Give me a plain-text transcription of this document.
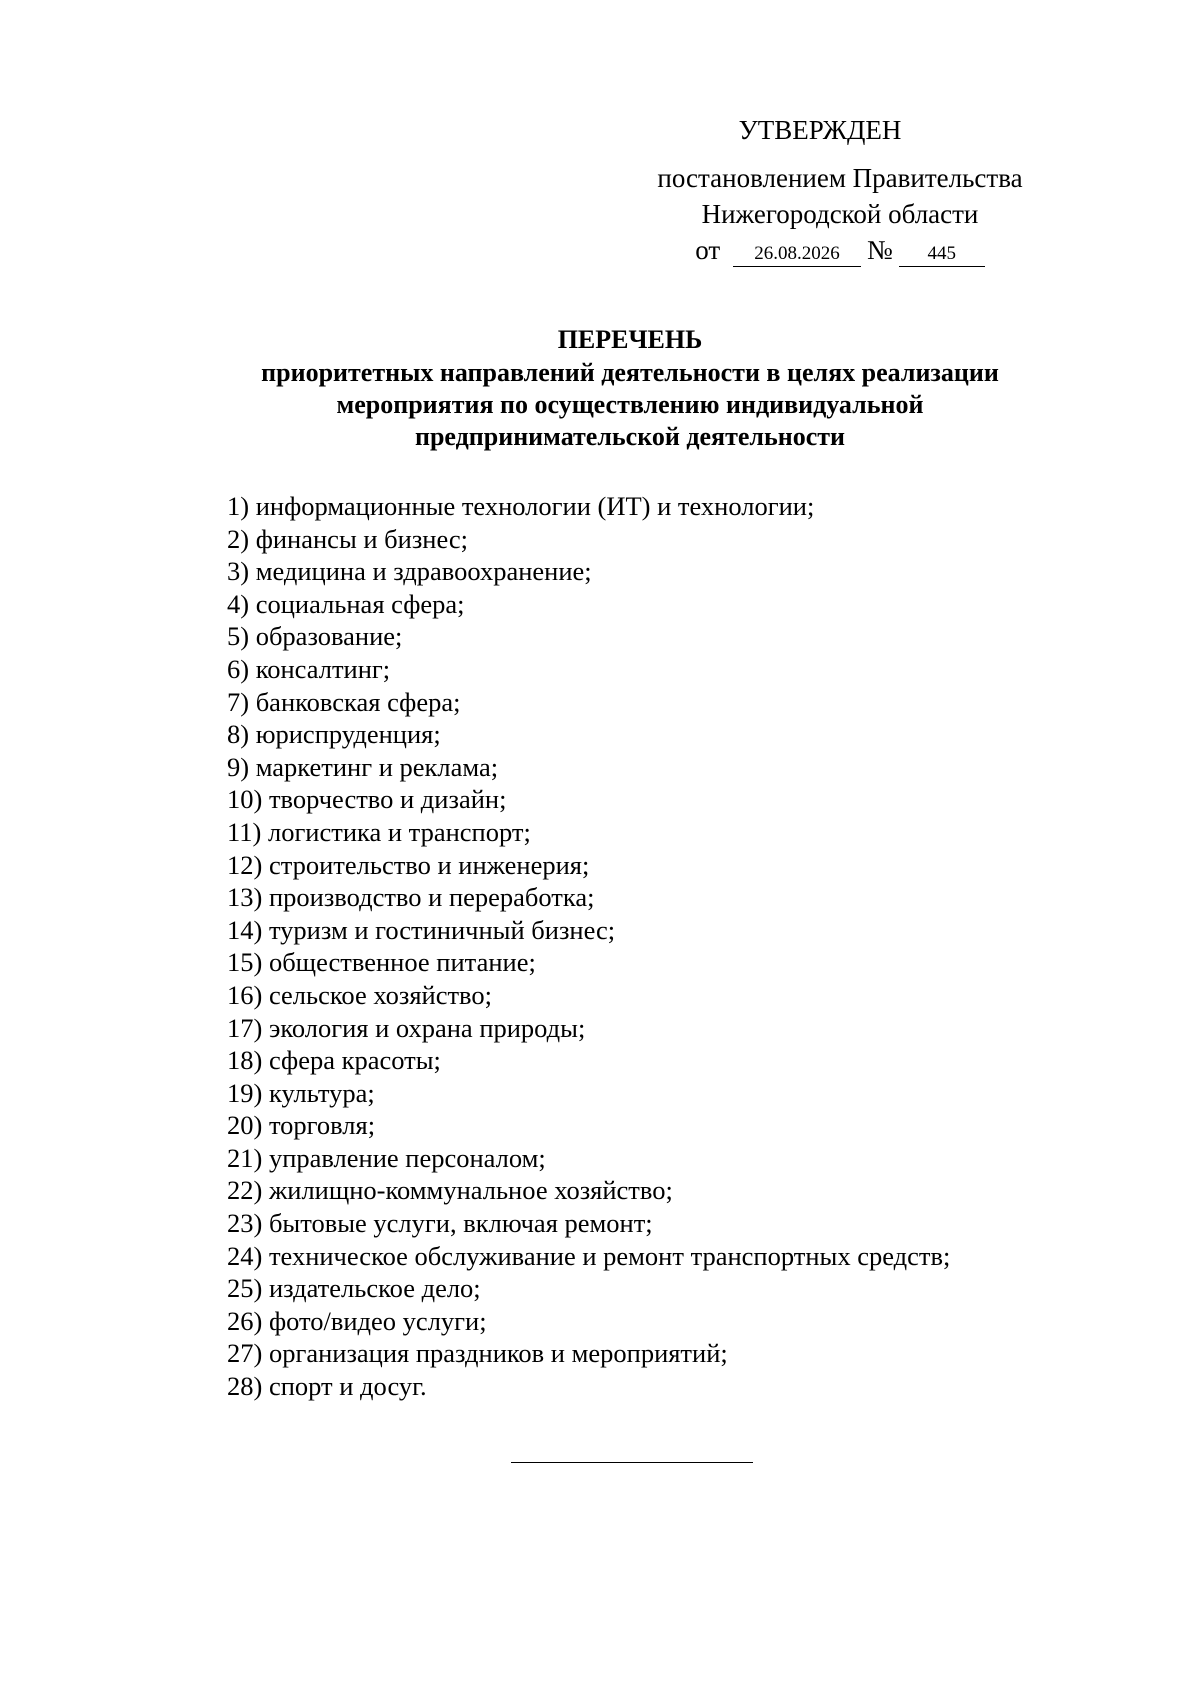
УТВЕРЖДЕН
постановлением Правительства
Нижегородской области
от 26.08.2026 № 445
ПЕРЕЧЕНЬ
приоритетных направлений деятельности в целях реализации
мероприятия по осуществлению индивидуальной
предпринимательской деятельности
1) информационные технологии (ИТ) и технологии;
2) финансы и бизнес;
3) медицина и здравоохранение;
4) социальная сфера;
5) образование;
6) консалтинг;
7) банковская сфера;
8) юриспруденция;
9) маркетинг и реклама;
10) творчество и дизайн;
11) логистика и транспорт;
12) строительство и инженерия;
13) производство и переработка;
14) туризм и гостиничный бизнес;
15) общественное питание;
16) сельское хозяйство;
17) экология и охрана природы;
18) сфера красоты;
19) культура;
20) торговля;
21) управление персоналом;
22) жилищно-коммунальное хозяйство;
23) бытовые услуги, включая ремонт;
24) техническое обслуживание и ремонт транспортных средств;
25) издательское дело;
26) фото/видео услуги;
27) организация праздников и мероприятий;
28) спорт и досуг.
